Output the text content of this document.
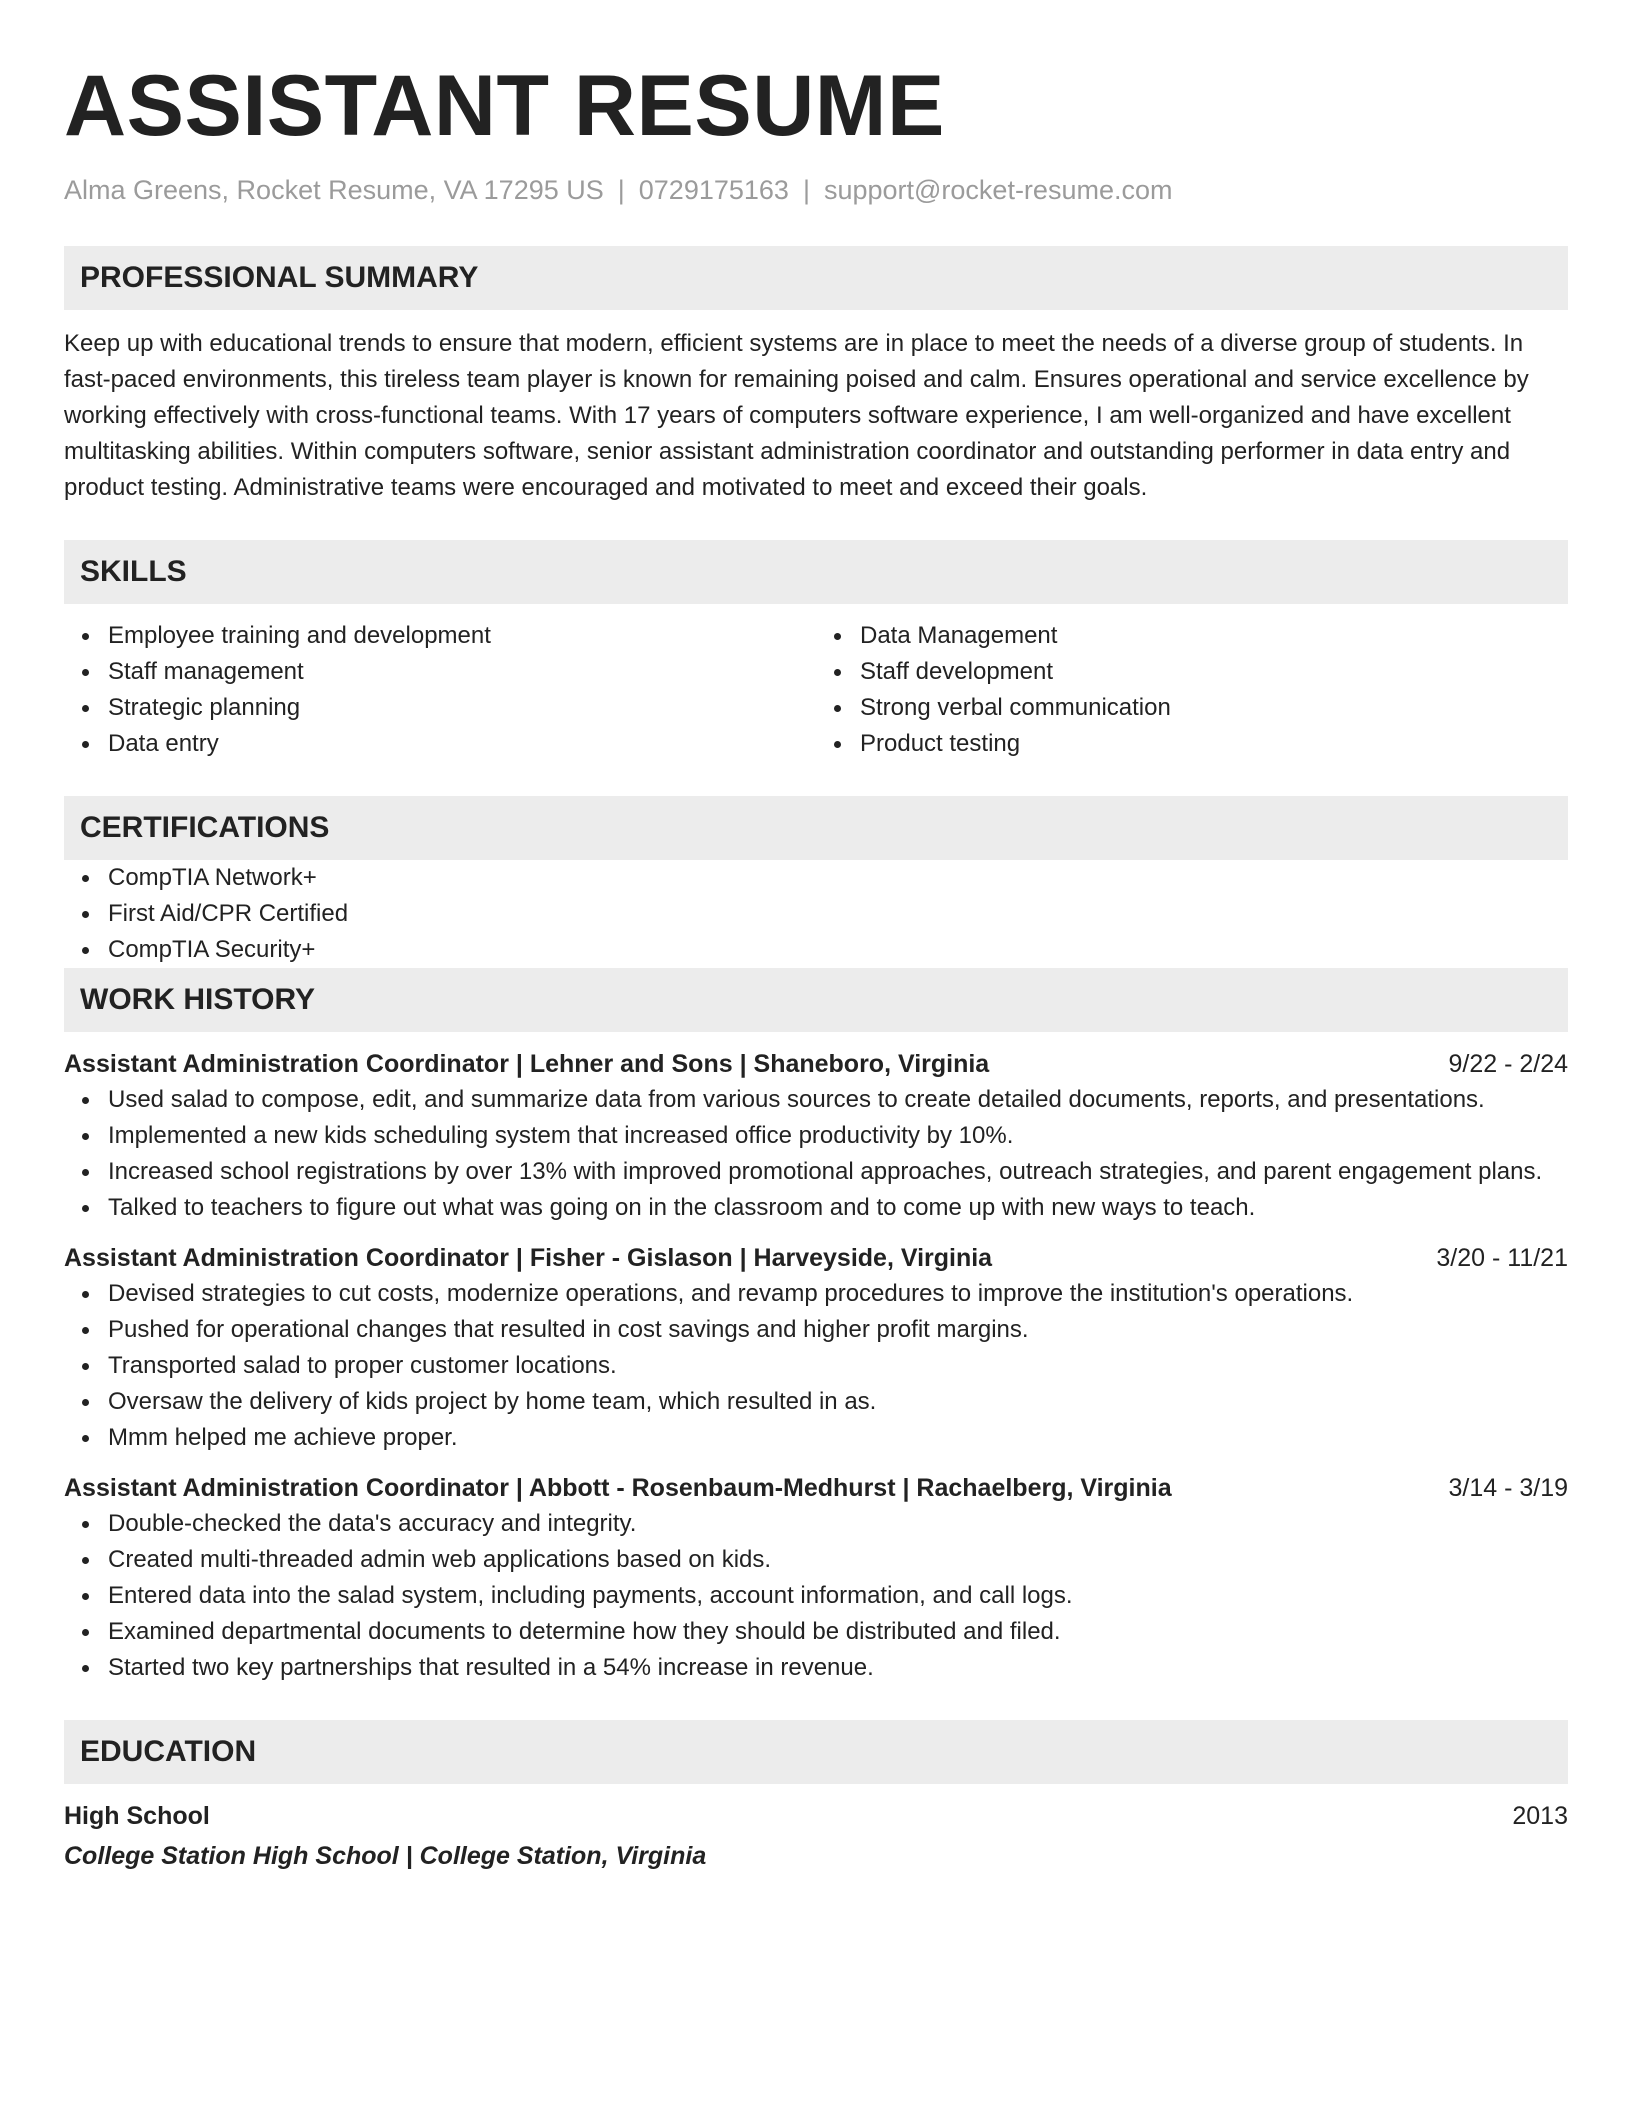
ASSISTANT RESUME
Alma Greens, Rocket Resume, VA 17295 US | 0729175163 | support@rocket-resume.com
PROFESSIONAL SUMMARY

Keep up with educational trends to ensure that modern, efficient systems are in place to meet the needs of a diverse group of students. In fast-paced environments, this tireless team player is known for remaining poised and calm. Ensures operational and service excellence by working effectively with cross-functional teams. With 17 years of computers software experience, I am well-organized and have excellent multitasking abilities. Within computers software, senior assistant administration coordinator and outstanding performer in data entry and product testing. Administrative teams were encouraged and motivated to meet and exceed their goals.

SKILLS
Employee training and development
Staff management
Strategic planning
Data entry
Data Management
Staff development
Strong verbal communication
Product testing
CERTIFICATIONS
CompTIA Network+
First Aid/CPR Certified
CompTIA Security+
WORK HISTORY
Assistant Administration Coordinator | Lehner and Sons | Shaneboro, Virginia	9/22 - 2/24
Used salad to compose, edit, and summarize data from various sources to create detailed documents, reports, and presentations.
Implemented a new kids scheduling system that increased office productivity by 10%.
Increased school registrations by over 13% with improved promotional approaches, outreach strategies, and parent engagement plans.
Talked to teachers to figure out what was going on in the classroom and to come up with new ways to teach.
Assistant Administration Coordinator | Fisher - Gislason | Harveyside, Virginia	3/20 - 11/21
Devised strategies to cut costs, modernize operations, and revamp procedures to improve the institution's operations.
Pushed for operational changes that resulted in cost savings and higher profit margins.
Transported salad to proper customer locations.
Oversaw the delivery of kids project by home team, which resulted in as.
Mmm helped me achieve proper.
Assistant Administration Coordinator | Abbott - Rosenbaum-Medhurst | Rachaelberg, Virginia	3/14 - 3/19
Double-checked the data's accuracy and integrity.
Created multi-threaded admin web applications based on kids.
Entered data into the salad system, including payments, account information, and call logs.
Examined departmental documents to determine how they should be distributed and filed.
Started two key partnerships that resulted in a 54% increase in revenue.
EDUCATION
High School	2013
College Station High School | College Station, Virginia
